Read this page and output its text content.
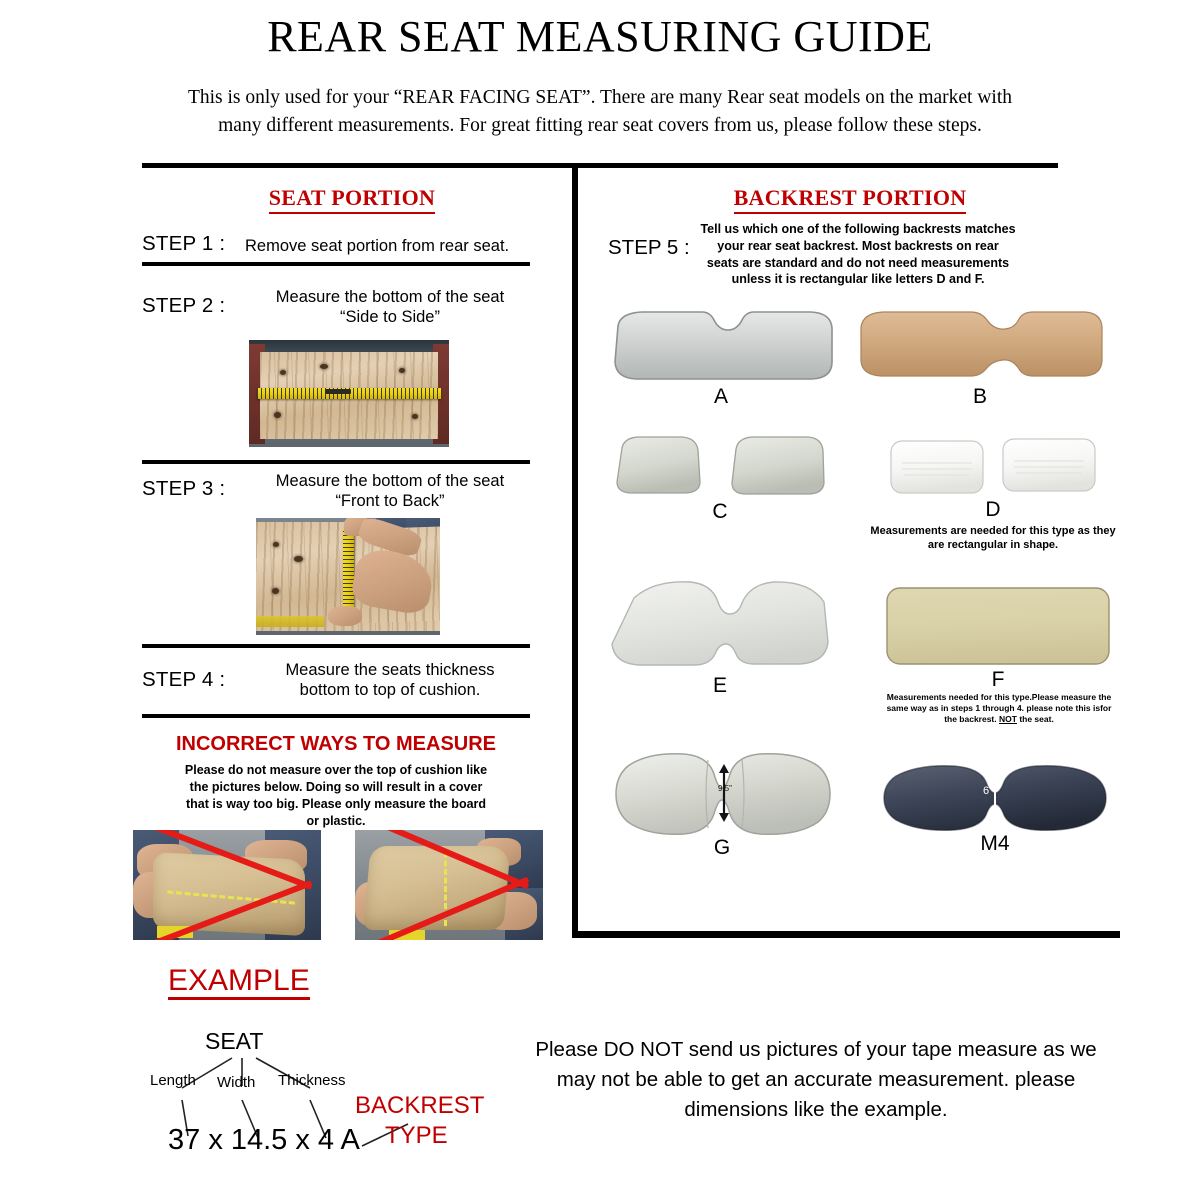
REAR SEAT MEASURING GUIDE
This is only used for your “REAR FACING SEAT”. There are many Rear seat models on the market with many different measurements. For great fitting rear seat covers from us, please follow these steps.
SEAT PORTION
STEP 1 : Remove seat portion from rear seat.
STEP 2 :	Measure the bottom of the seat
“Side to Side”
STEP 3 :	Measure the bottom of the seat
“Front to Back”
STEP 4 :	Measure the seats thickness
bottom to top of cushion.
INCORRECT WAYS TO MEASURE
Please do not measure over the top of cushion like the pictures below. Doing so will result in a cover that is way too big. Please only measure the board or plastic.
BACKREST PORTION
STEP 5 :
Tell us which one of the following backrests matches your rear seat backrest. Most backrests on rear seats are standard and do not need measurements unless it is rectangular like letters D and F.
A	B
C	D
Measurements are needed for this type as they are rectangular in shape.
E	F
Measurements needed for this type.Please measure the same way as in steps 1 through 4. please note this isfor the backrest. NOT the seat.
9.5"
G
6"
M4
EXAMPLE
SEAT
Length Width Thickness
37 x 14.5 x 4 A
BACKREST
TYPE
Please DO NOT send us pictures of your tape measure as we may not be able to get an accurate measurement. please dimensions like the example.
